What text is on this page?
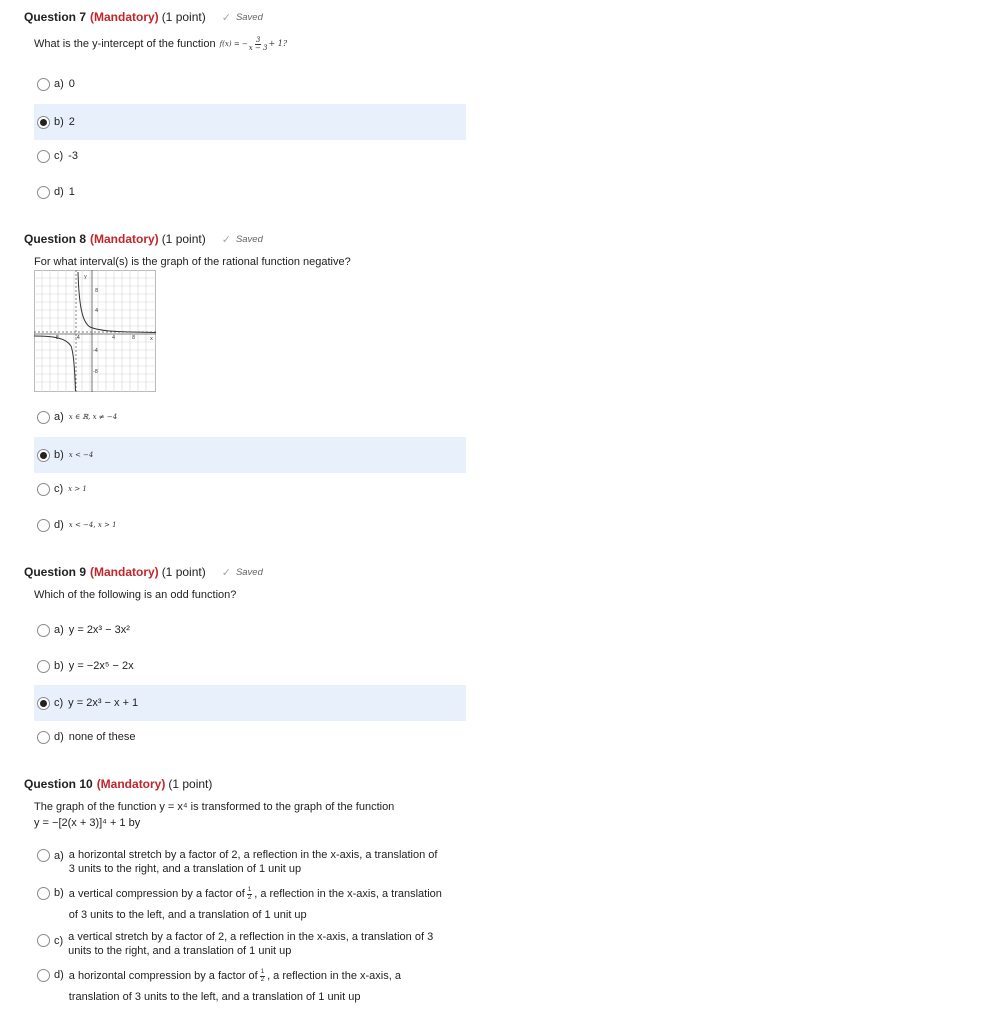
Question 7 (Mandatory) (1 point) ✓ Saved
What is the y-intercept of the function f(x) = − $\frac{3}{x - 3} + 1$?
a) 0
b) 2
c) -3
d) 1
Question 8 (Mandatory) (1 point) ✓ Saved
For what interval(s) is the graph of the rational function negative?
y
x
8
4
-4
-8
-8	-4	4	8
a) x ∈ ℝ, x ≠ −4
b) x < −4
c) x > 1
d) x < −4, x > 1
Question 9 (Mandatory) (1 point) ✓ Saved
Which of the following is an odd function?
a) y = 2x³ − 3x²
b) y = −2x⁵ − 2x
c) y = 2x³ − x + 1
d) none of these
Question 10 (Mandatory) (1 point)
The graph of the function y = x⁴ is transformed to the graph of the function
y = −[2(x + 3)]⁴ + 1 by
a) a horizontal stretch by a factor of 2, a reflection in the x-axis, a translation of
3 units to the right, and a translation of 1 unit up
b) a vertical compression by a factor of $\frac{1}{2}$ , a reflection in the x-axis, a translation
of 3 units to the left, and a translation of 1 unit up
c) a vertical stretch by a factor of 2, a reflection in the x-axis, a translation of 3
units to the right, and a translation of 1 unit up
d) a horizontal compression by a factor of $\frac{1}{2}$ , a reflection in the x-axis, a
translation of 3 units to the left, and a translation of 1 unit up
